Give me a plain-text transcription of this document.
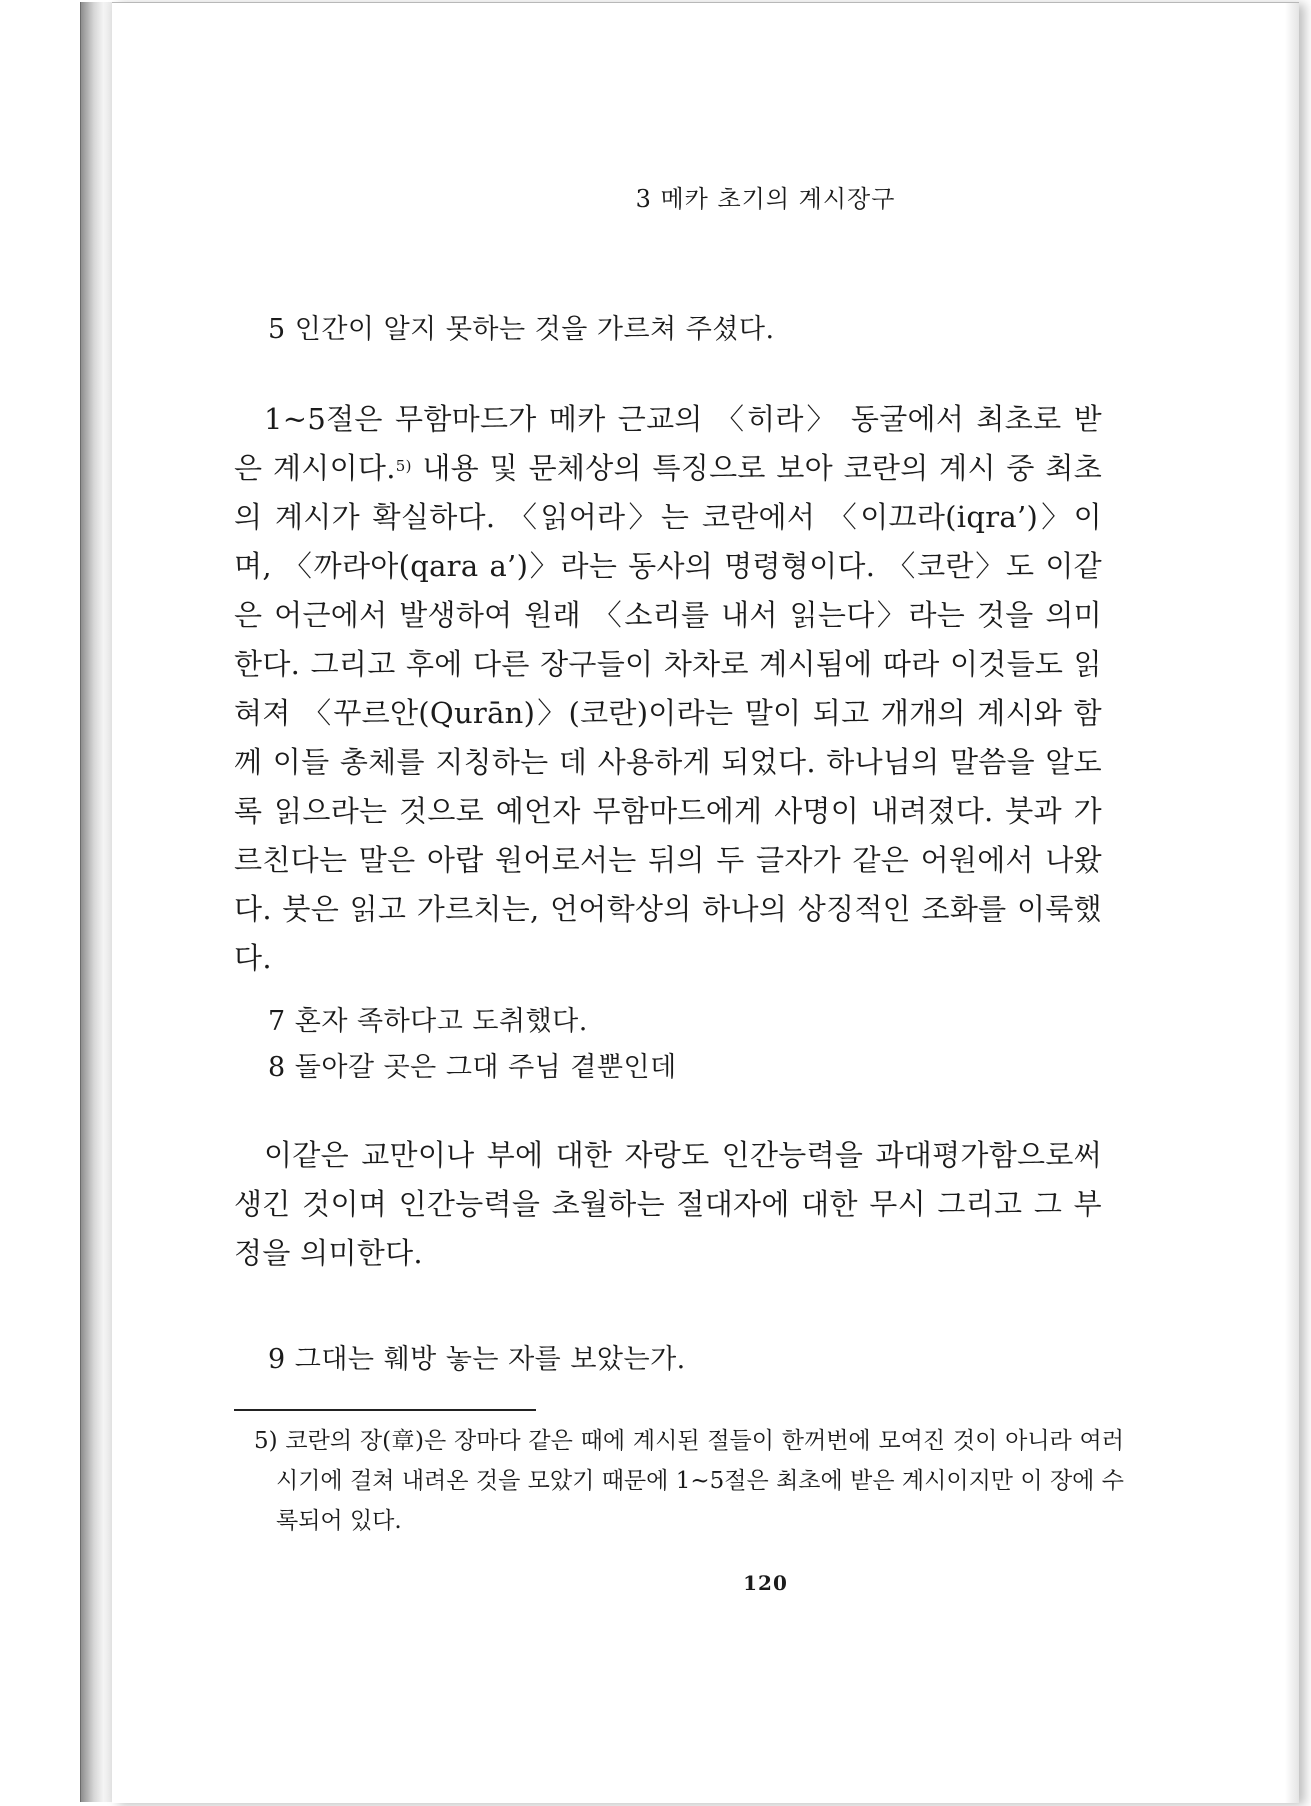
3 메카 초기의 계시장구
5 인간이 알지 못하는 것을 가르쳐 주셨다.

1~5절은 무함마드가 메카 근교의 〈히라〉 동굴에서 최초로 받은 계시이다.$^{5)}$ 내용 및 문체상의 특징으로 보아 코란의 계시 중 최초의 계시가 확실하다. 〈읽어라〉는 코란에서 〈이끄라(iqra’)〉이며, 〈까라아(qara a’)〉라는 동사의 명령형이다. 〈코란〉도 이같은 어근에서 발생하여 원래 〈소리를 내서 읽는다〉라는 것을 의미한다. 그리고 후에 다른 장구들이 차차로 계시됨에 따라 이것들도 읽혀져 〈꾸르안(Qurān)〉(코란)이라는 말이 되고 개개의 계시와 함께 이들 총체를 지칭하는 데 사용하게 되었다. 하나님의 말씀을 알도록 읽으라는 것으로 예언자 무함마드에게 사명이 내려졌다. 붓과 가르친다는 말은 아랍 원어로서는 뒤의 두 글자가 같은 어원에서 나왔다. 붓은 읽고 가르치는, 언어학상의 하나의 상징적인 조화를 이룩했다.

7 혼자 족하다고 도취했다.
8 돌아갈 곳은 그대 주님 곁뿐인데

이같은 교만이나 부에 대한 자랑도 인간능력을 과대평가함으로써 생긴 것이며 인간능력을 초월하는 절대자에 대한 무시 그리고 그 부정을 의미한다.

9 그대는 훼방 놓는 자를 보았는가.
5) 코란의 장(章)은 장마다 같은 때에 계시된 절들이 한꺼번에 모여진 것이 아니라 여러 시기에 걸쳐 내려온 것을 모았기 때문에 1~5절은 최초에 받은 계시이지만 이 장에 수록되어 있다.
120
